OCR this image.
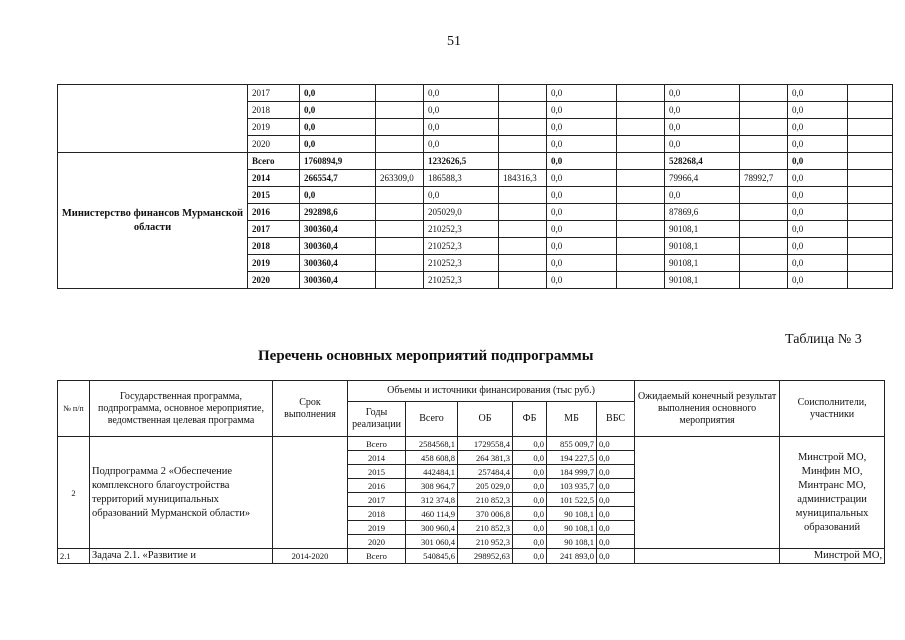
51
	2017	0,0		0,0		0,0		0,0		0,0	
	2018	0,0		0,0		0,0		0,0		0,0	
	2019	0,0		0,0		0,0		0,0		0,0	
	2020	0,0		0,0		0,0		0,0		0,0	
Министерство финансов Мурманской области	Всего	1760894,9		1232626,5		0,0		528268,4		0,0	
	2014	266554,7	263309,0	186588,3	184316,3	0,0		79966,4	78992,7	0,0	
	2015	0,0		0,0		0,0		0,0		0,0	
	2016	292898,6		205029,0		0,0		87869,6		0,0	
	2017	300360,4		210252,3		0,0		90108,1		0,0	
	2018	300360,4		210252,3		0,0		90108,1		0,0	
	2019	300360,4		210252,3		0,0		90108,1		0,0	
	2020	300360,4		210252,3		0,0		90108,1		0,0	
Таблица № 3
Перечень основных мероприятий подпрограммы
№ п/п	Государственная программа, подпрограмма, основное мероприятие, ведомственная целевая программа	Срок выполнения	Объемы и источники финансирования (тыс руб.)						Ожидаемый конечный результат выполнения основного мероприятия	Соисполнители, участники
			Годы реализации	Всего	ОБ	ФБ	МБ	ВБС		
2	Подпрограмма 2 «Обеспечение комплексного благоустройства территорий муниципальных образований Мурманской области»		Всего	2584568,1	1729558,4	0,0	855 009,7	0,0		Минстрой МО, Минфин МО, Минтранс МО, администрации муниципальных образований
			2014	458 608,8	264 381,3	0,0	194 227,5	0,0		
			2015	442484,1	257484,4	0,0	184 999,7	0,0		
			2016	308 964,7	205 029,0	0,0	103 935,7	0,0		
			2017	312 374,8	210 852,3	0,0	101 522,5	0,0		
			2018	460 114,9	370 006,8	0,0	90 108,1	0,0		
			2019	300 960,4	210 852,3	0,0	90 108,1	0,0		
			2020	301 060,4	210 952,3	0,0	90 108,1	0,0		
2.1	Задача 2.1. «Развитие и	2014-2020	Всего	540845,6	298952,63	0,0	241 893,0	0,0		Минстрой МО,
